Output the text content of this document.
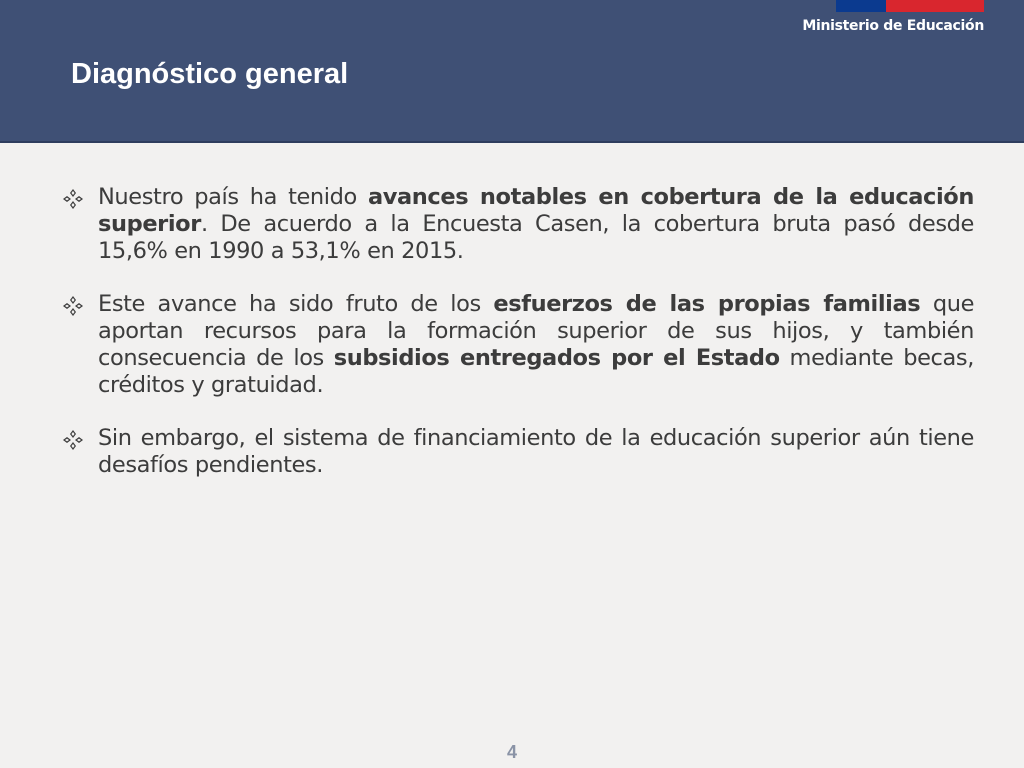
Ministerio de Educación
Diagnóstico general

Nuestro país ha tenido avances notables en cobertura de la educación superior. De acuerdo a la Encuesta Casen, la cobertura bruta pasó desde 15,6% en 1990 a 53,1% en 2015.

Este avance ha sido fruto de los esfuerzos de las propias familias que aportan recursos para la formación superior de sus hijos, y también consecuencia de los subsidios entregados por el Estado mediante becas, créditos y gratuidad.

Sin embargo, el sistema de financiamiento de la educación superior aún tiene desafíos pendientes.

4
